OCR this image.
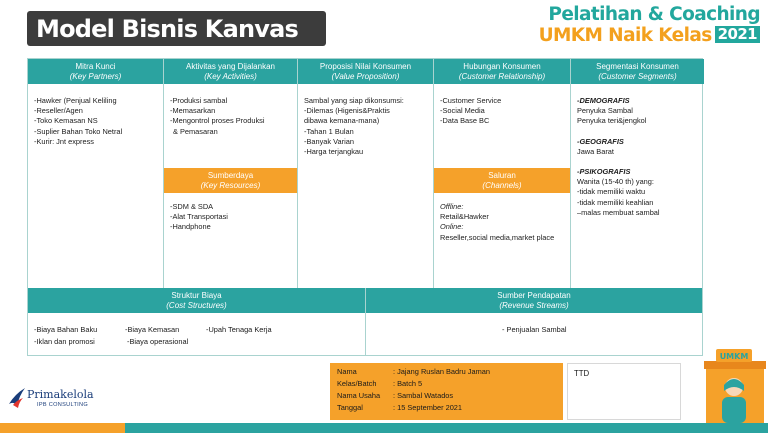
Model Bisnis Kanvas	Pelatihan & Coaching
UMKM Naik Kelas 2021
Mitra Kunci
(Key Partners)
-Hawker (Penjual Keliling
-Reseller/Agen
-Toko Kemasan NS
-Suplier Bahan Toko Netral
-Kurir: Jnt express
Aktivitas yang Dijalankan
(Key Activities)
-Produksi sambal
-Memasarkan
-Mengontrol proses Produksi
& Pemasaran
Sumberdaya
(Key Resources)
-SDM & SDA
-Alat Transportasi
-Handphone
Proposisi Nilai Konsumen
(Value Proposition)
Sambal yang siap dikonsumsi:
-Dilemas (Higenis&Praktis
dibawa kemana-mana)
-Tahan 1 Bulan
-Banyak Varian
-Harga terjangkau
Hubungan Konsumen
(Customer Relationship)
-Customer Service
-Social Media
-Data Base BC
Saluran
(Channels)
Offline:
Retail&Hawker
Online:
Reseller,social media,market place
Segmentasi Konsumen
(Customer Segments)
-DEMOGRAFIS
Penyuka Sambal
Penyuka teri&jengkol
-GEOGRAFIS
Jawa Barat
-PSIKOGRAFIS
Wanita (15-40 th) yang:
-tidak memiliki waktu
-tidak memiliki keahlian
–malas membuat sambal
Struktur Biaya
(Cost Structures)
-Biaya Bahan Baku	-Biaya Kemasan	-Upah Tenaga Kerja
-Iklan dan promosi	-Biaya operasional
Sumber Pendapatan
(Revenue Streams)
- Penjualan Sambal
Nama	: Jajang Ruslan Badru Jaman
Kelas/Batch	: Batch 5
Nama Usaha	: Sambal Watados
Tanggal	: 15 September 2021
TTD
Primakelola
IPB CONSULTING
UMKM
